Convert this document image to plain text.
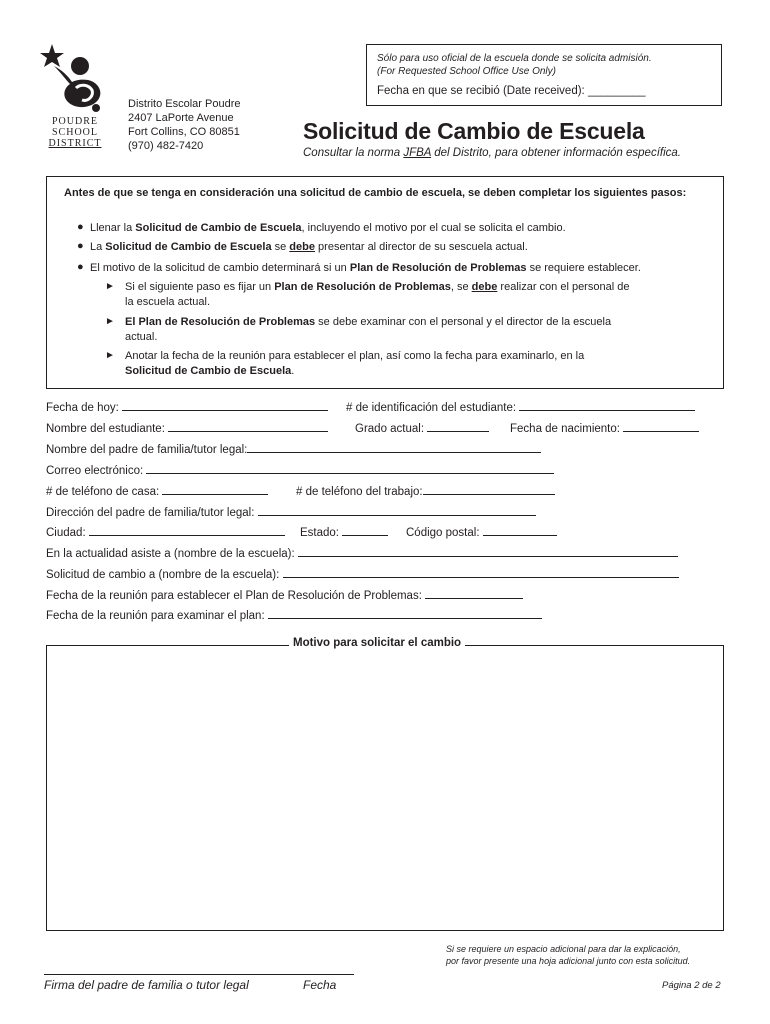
POUDRE
SCHOOL
DISTRICT
Distrito Escolar Poudre
2407 LaPorte Avenue
Fort Collins, CO 80851
(970) 482-7420
Sólo para uso oficial de la escuela donde se solicita admisión.
(For Requested School Office Use Only)
Fecha en que se recibió (Date received): _________
Solicitud de Cambio de Escuela
Consultar la norma JFBA del Distrito, para obtener información específica.
Antes de que se tenga en consideración una solicitud de cambio de escuela, se deben completar los siguientes pasos:
● Llenar la Solicitud de Cambio de Escuela, incluyendo el motivo por el cual se solicita el cambio.
● La Solicitud de Cambio de Escuela se debe presentar al director de su sescuela actual.
● El motivo de la solicitud de cambio determinará si un Plan de Resolución de Problemas se requiere establecer.
► Si el siguiente paso es fijar un Plan de Resolución de Problemas, se debe realizar con el personal de
la escuela actual.
► El Plan de Resolución de Problemas se debe examinar con el personal y el director de la escuela
actual.
► Anotar la fecha de la reunión para establecer el plan, así como la fecha para examinarlo, en la
Solicitud de Cambio de Escuela.
Fecha de hoy:	# de identificación del estudiante:
Nombre del estudiante:	Grado actual:	Fecha de nacimiento:
Nombre del padre de familia/tutor legal:
Correo electrónico:
# de teléfono de casa:	# de teléfono del trabajo:
Dirección del padre de familia/tutor legal:
Ciudad:	Estado:	Código postal:
En la actualidad asiste a (nombre de la escuela):
Solicitud de cambio a (nombre de la escuela):
Fecha de la reunión para establecer el Plan de Resolución de Problemas:
Fecha de la reunión para examinar el plan:
Motivo para solicitar el cambio
Si se requiere un espacio adicional para dar la explicación,
por favor presente una hoja adicional junto con esta solicitud.
Firma del padre de familia o tutor legal	Fecha	Página 2 de 2
